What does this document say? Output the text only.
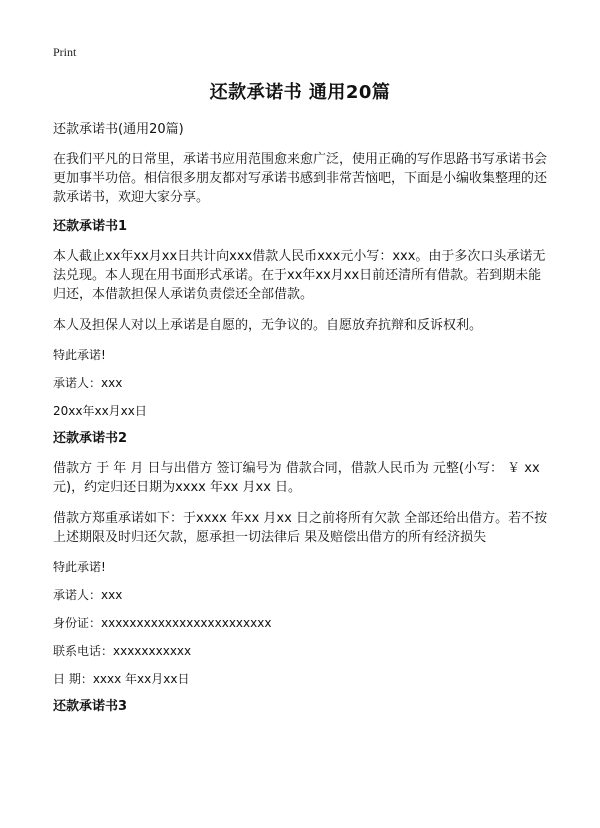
Print
还款承诺书 通用20篇
还款承诺书(通用20篇)

在我们平凡的日常里，承诺书应用范围愈来愈广泛，使用正确的写作思路书写承诺书会更加事半功倍。相信很多朋友都对写承诺书感到非常苦恼吧，下面是小编收集整理的还款承诺书，欢迎大家分享。

还款承诺书1

本人截止xx年xx月xx日共计向xxx借款人民币xxx元小写：xxx。由于多次口头承诺无法兑现。本人现在用书面形式承诺。在于xx年xx月xx日前还清所有借款。若到期未能归还，本借款担保人承诺负责偿还全部借款。

本人及担保人对以上承诺是自愿的，无争议的。自愿放弃抗辩和反诉权利。

特此承诺!

承诺人：xxx

20xx年xx月xx日

还款承诺书2

借款方 于 年 月 日与出借方 签订编号为 借款合同，借款人民币为 元整(小写： ￥ xx元)，约定归还日期为xxxx 年xx 月xx 日。

借款方郑重承诺如下：于xxxx 年xx 月xx 日之前将所有欠款 全部还给出借方。若不按上述期限及时归还欠款，愿承担一切法律后 果及赔偿出借方的所有经济损失

特此承诺!

承诺人：xxx

身份证：xxxxxxxxxxxxxxxxxxxxxxxx

联系电话：xxxxxxxxxxx

日 期：xxxx 年xx月xx日

还款承诺书3
